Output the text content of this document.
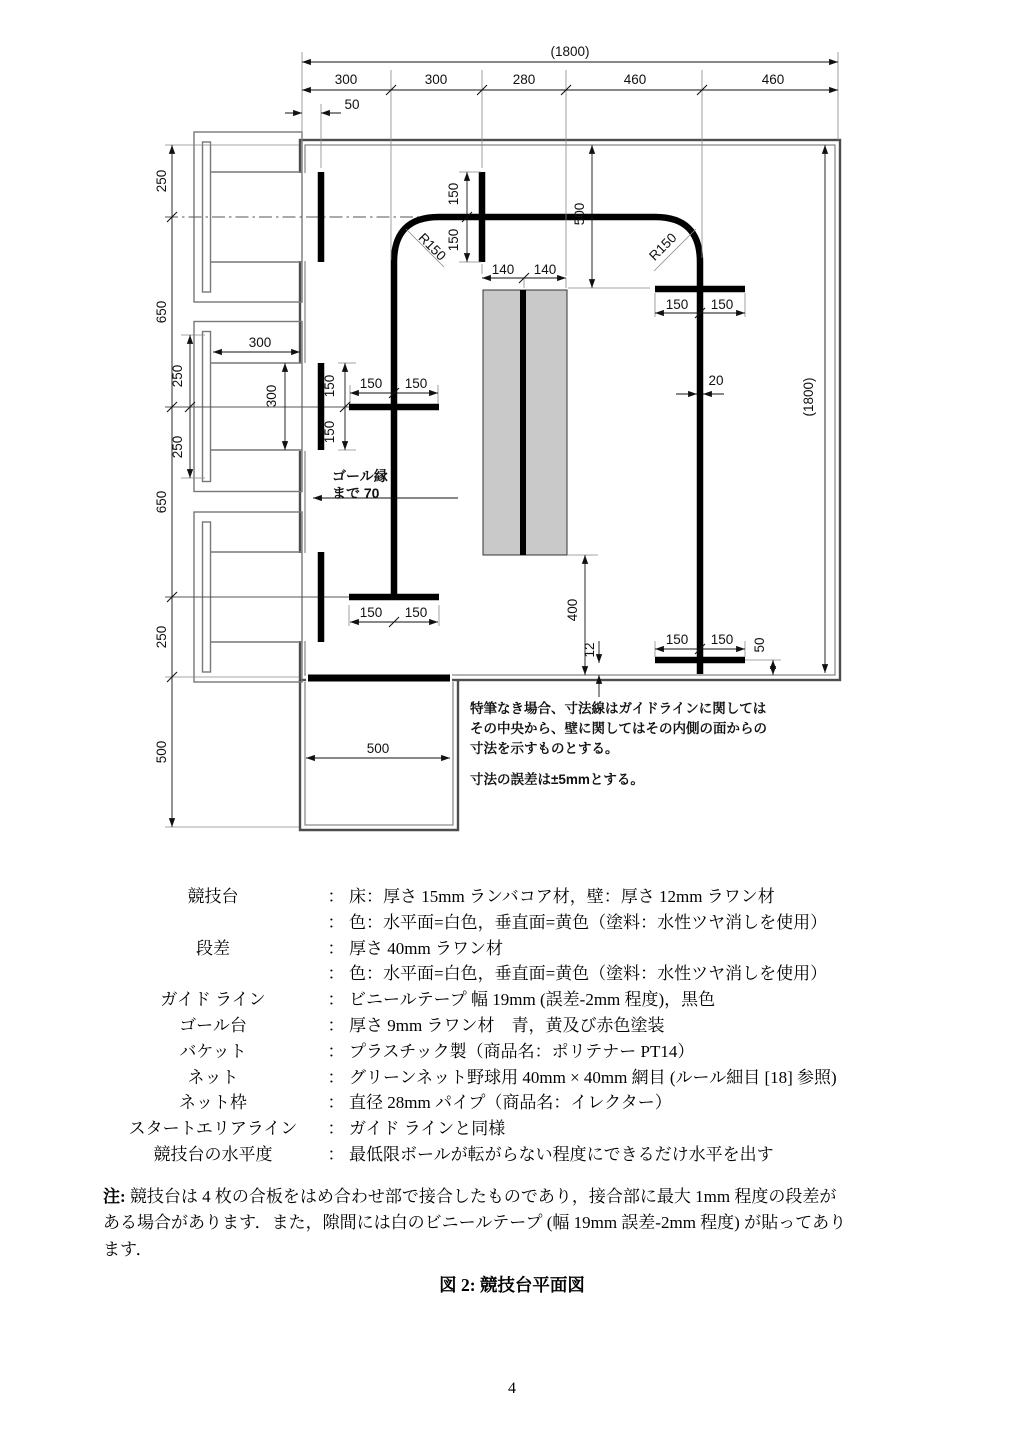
(1800)
300	300	280	460	460
50
250
650
650
250
500
250
250
300
300
150
150
R150	R150
500
140 140
150 150
150
150
150 150
150 150
20	(1800)
400
12
150 150 50
500
ゴール縁
まで 70
特筆なき場合、寸法線はガイドラインに関しては
その中央から、壁に関してはその内側の面からの
寸法を示すものとする。
寸法の誤差は±5mmとする。
競技台	： 床：厚さ 15mm ランバコア材，壁：厚さ 12mm ラワン材
： 色：水平面=白色，垂直面=黄色（塗料：水性ツヤ消しを使用）
段差	： 厚さ 40mm ラワン材
： 色：水平面=白色，垂直面=黄色（塗料：水性ツヤ消しを使用）
ガイド ライン	： ビニールテープ 幅 19mm (誤差-2mm 程度)，黒色
ゴール台	： 厚さ 9mm ラワン材　青，黄及び赤色塗装
バケット	： プラスチック製（商品名：ポリテナー PT14）
ネット	： グリーンネット野球用 40mm × 40mm 網目 (ルール細目 [18] 参照)
ネット枠	： 直径 28mm パイプ（商品名：イレクター）
スタートエリアライン	： ガイド ラインと同様
競技台の水平度	： 最低限ボールが転がらない程度にできるだけ水平を出す
注: 競技台は 4 枚の合板をはめ合わせ部で接合したものであり，接合部に最大 1mm 程度の段差が
ある場合があります．また，隙間には白のビニールテープ (幅 19mm 誤差-2mm 程度) が貼ってあり
ます．
図 2: 競技台平面図
4
